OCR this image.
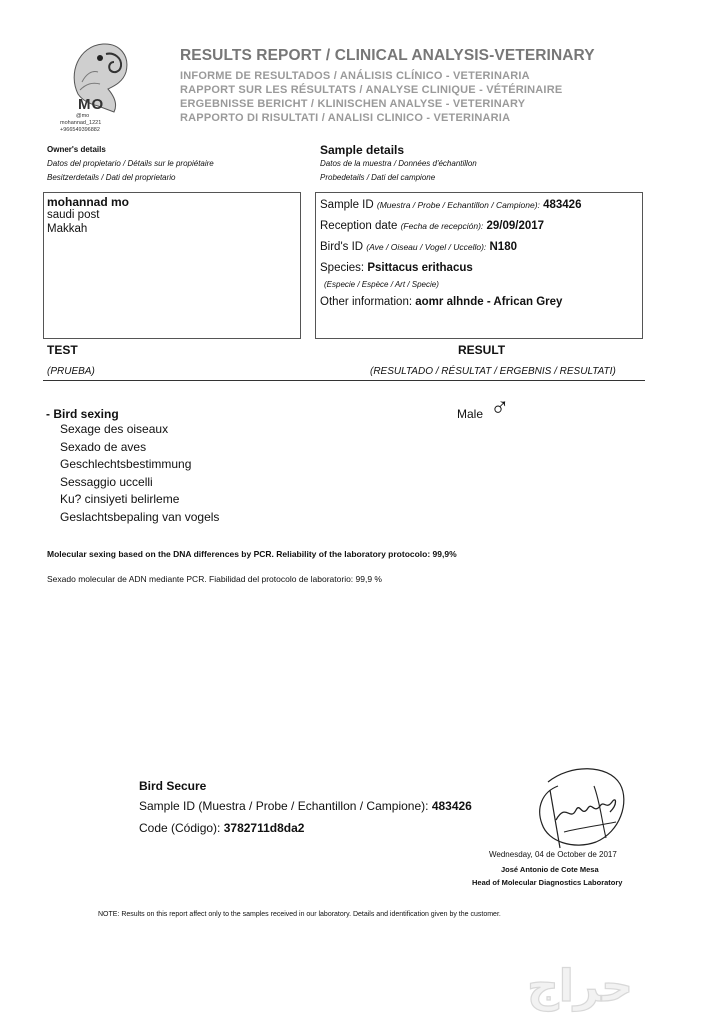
MO
@mo
mohannad_1221
+966549396882
RESULTS REPORT / CLINICAL ANALYSIS-VETERINARY
INFORME DE RESULTADOS / ANÁLISIS CLÍNICO - VETERINARIA
RAPPORT SUR LES RÉSULTATS / ANALYSE CLINIQUE - VÉTÉRINAIRE
ERGEBNISSE BERICHT / KLINISCHEN ANALYSE - VETERINARY
RAPPORTO DI RISULTATI / ANALISI CLINICO - VETERINARIA
Owner's details
Datos del propietario / Détails sur le propiétaire
Besitzerdetails / Dati del proprietario
mohannad mo
saudi post
Makkah
Sample details
Datos de la muestra / Données d'échantillon
Probedetails / Dati del campione
Sample ID (Muestra / Probe / Echantillon / Campione): 483426
Reception date (Fecha de recepción): 29/09/2017
Bird's ID (Ave / Oiseau / Vogel / Uccello): N180
Species: Psittacus erithacus
(Especie / Espèce / Art / Specie)
Other information: aomr alhnde - African Grey
TEST	RESULT
(PRUEBA)	(RESULTADO / RÉSULTAT / ERGEBNIS / RESULTATI)
- Bird sexing
Sexage des oiseaux
Sexado de aves
Geschlechtsbestimmung
Sessaggio uccelli
Ku? cinsiyeti belirleme
Geslachtsbepaling van vogels
Male ♂
Molecular sexing based on the DNA differences by PCR. Reliability of the laboratory protocolo: 99,9%
Sexado molecular de ADN mediante PCR. Fiabilidad del protocolo de laboratorio: 99,9 %
Bird Secure
Sample ID (Muestra / Probe / Echantillon / Campione): 483426
Code (Código): 3782711d8da2
Wednesday, 04 de October de 2017
José Antonio de Cote Mesa
Head of Molecular Diagnostics Laboratory
NOTE: Results on this report affect only to the samples received in our laboratory. Details and identification given by the customer.
حراج
